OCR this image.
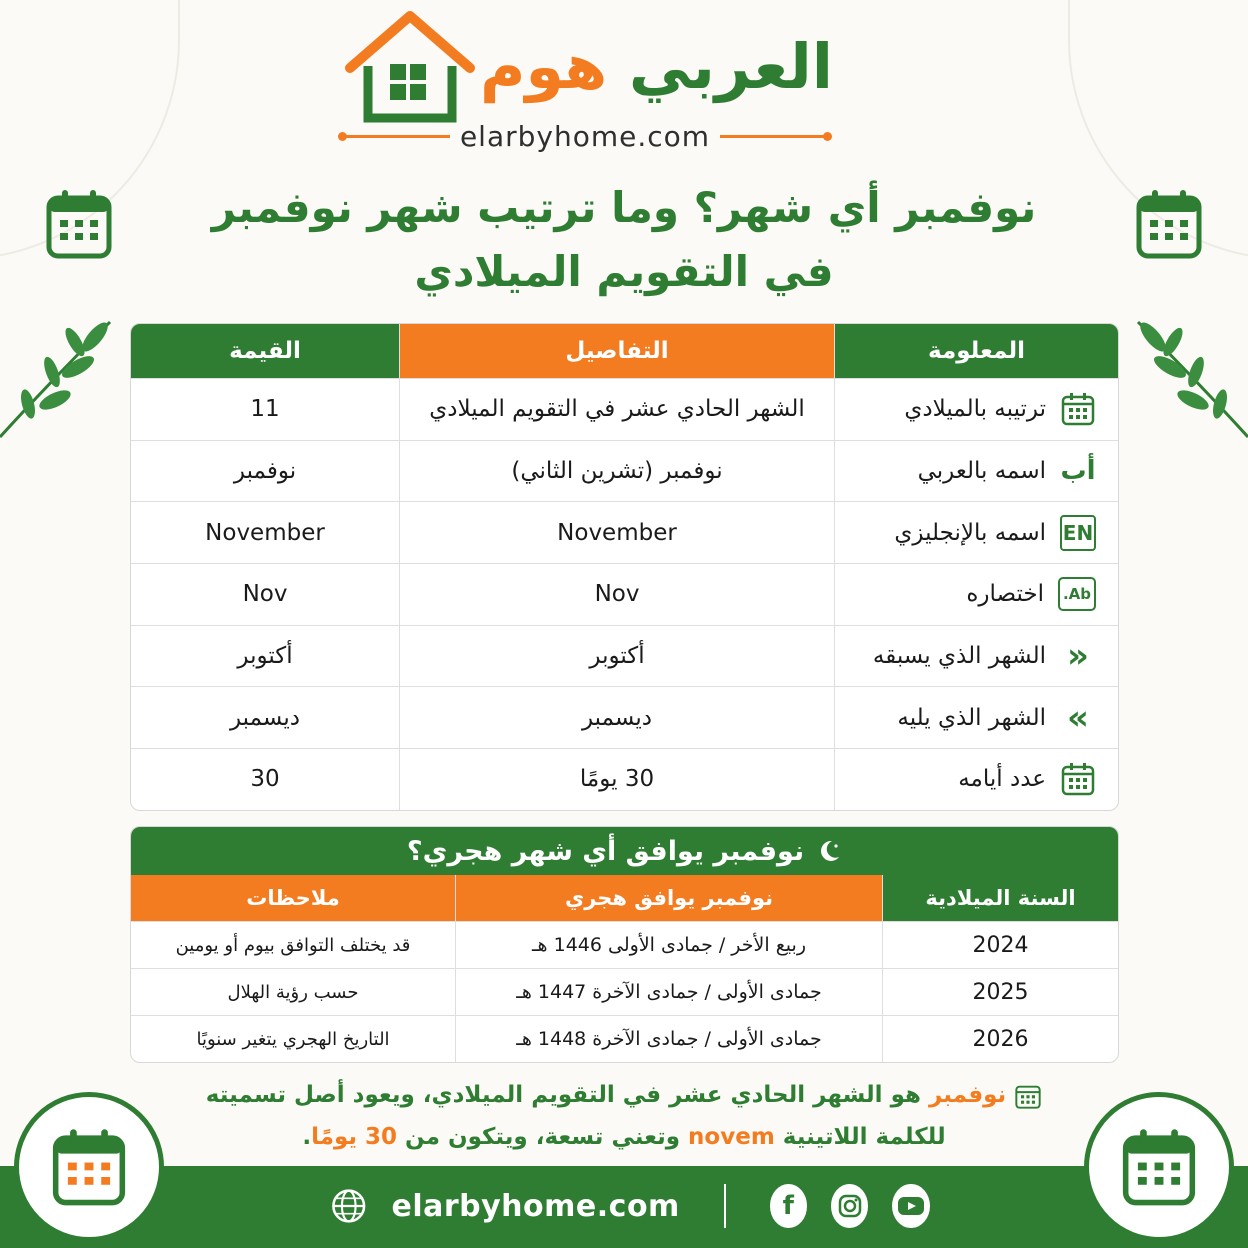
العربي هوم
elarbyhome.com
نوفمبر أي شهر؟ وما ترتيب شهر نوفمبر
في التقويم الميلادي
المعلومة
التفاصيل
القيمة
ترتيبه بالميلادي
الشهر الحادي عشر في التقويم الميلادي
11
أب
اسمه بالعربي
نوفمبر (تشرين الثاني)
نوفمبر
EN
اسمه بالإنجليزي
November
November
Ab.
اختصاره
Nov
Nov
«
الشهر الذي يسبقه
أكتوبر
أكتوبر
»
الشهر الذي يليه
ديسمبر
ديسمبر
عدد أيامه
30 يومًا
30
نوفمبر يوافق أي شهر هجري؟
السنة الميلادية
نوفمبر يوافق هجري
ملاحظات
2024
ربيع الأخر / جمادى الأولى 1446 هـ
قد يختلف التوافق بيوم أو يومين
2025
جمادى الأولى / جمادى الآخرة 1447 هـ
حسب رؤية الهلال
2026
جمادى الأولى / جمادى الآخرة 1448 هـ
التاريخ الهجري يتغير سنويًا
نوفمبر هو الشهر الحادي عشر في التقويم الميلادي، ويعود أصل تسميته
للكلمة اللاتينية novem وتعني تسعة، ويتكون من 30 يومًا.
elarbyhome.com	f
